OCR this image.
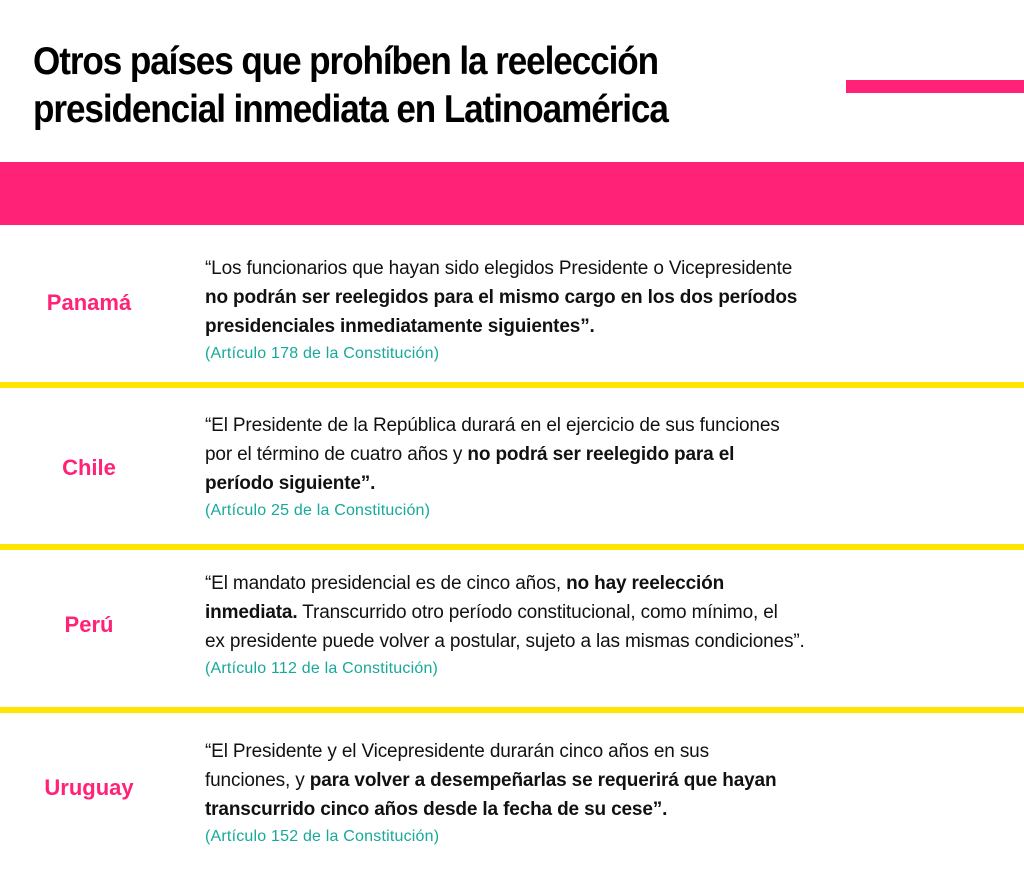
Otros países que prohíben la reelección
presidencial inmediata en Latinoamérica
Panamá
“Los funcionarios que hayan sido elegidos Presidente o Vicepresidente
no podrán ser reelegidos para el mismo cargo en los dos períodos
presidenciales inmediatamente siguientes”.
(Artículo 178 de la Constitución)
Chile
“El Presidente de la República durará en el ejercicio de sus funciones
por el término de cuatro años y no podrá ser reelegido para el
período siguiente”.
(Artículo 25 de la Constitución)
Perú
“El mandato presidencial es de cinco años, no hay reelección
inmediata. Transcurrido otro período constitucional, como mínimo, el
ex presidente puede volver a postular, sujeto a las mismas condiciones”.
(Artículo 112 de la Constitución)
Uruguay
“El Presidente y el Vicepresidente durarán cinco años en sus
funciones, y para volver a desempeñarlas se requerirá que hayan
transcurrido cinco años desde la fecha de su cese”.
(Artículo 152 de la Constitución)
